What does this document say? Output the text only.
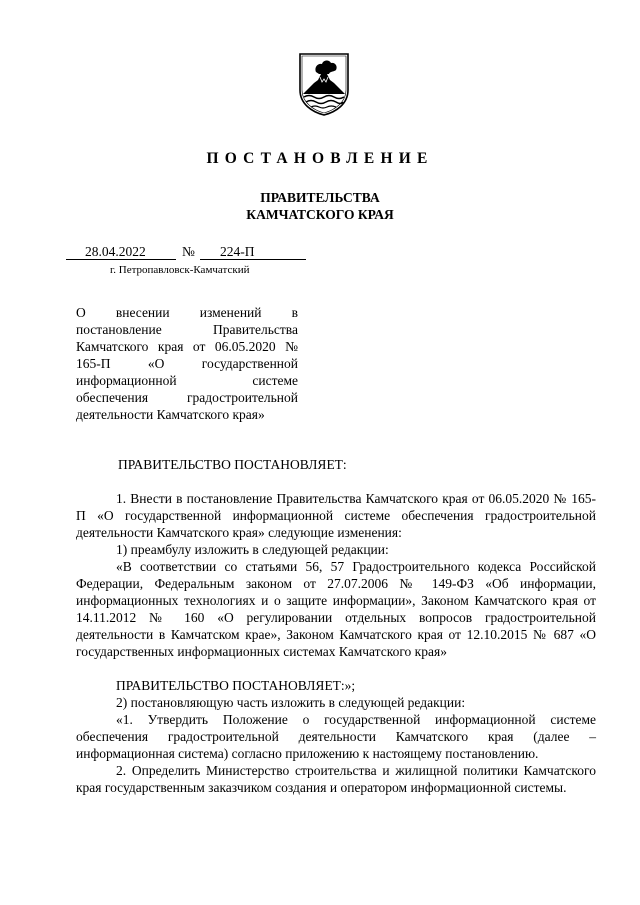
ПОСТАНОВЛЕНИЕ
ПРАВИТЕЛЬСТВА
КАМЧАТСКОГО КРАЯ
28.04.2022	№ 224-П
г. Петропавловск-Камчатский
О внесении изменений в постановление Правительства Камчатского края от 06.05.2020 № 165-П «О государственной информационной системе обеспечения градостроительной деятельности Камчатского края»
ПРАВИТЕЛЬСТВО ПОСТАНОВЛЯЕТ:

1. Внести в постановление Правительства Камчатского края от 06.05.2020 № 165-П «О государственной информационной системе обеспечения градостроительной деятельности Камчатского края» следующие изменения:

1) преамбулу изложить в следующей редакции:

«В соответствии со статьями 56, 57 Градостроительного кодекса Российской Федерации, Федеральным законом от 27.07.2006 № 149-ФЗ «Об информации, информационных технологиях и о защите информации», Законом Камчатского края от 14.11.2012 № 160 «О регулировании отдельных вопросов градостроительной деятельности в Камчатском крае», Законом Камчатского края от 12.10.2015 № 687 «О государственных информационных системах Камчатского края»

ПРАВИТЕЛЬСТВО ПОСТАНОВЛЯЕТ:»;

2) постановляющую часть изложить в следующей редакции:

«1. Утвердить Положение о государственной информационной системе обеспечения градостроительной деятельности Камчатского края (далее – информационная система) согласно приложению к настоящему постановлению.

2. Определить Министерство строительства и жилищной политики Камчатского края государственным заказчиком создания и оператором информационной системы.
